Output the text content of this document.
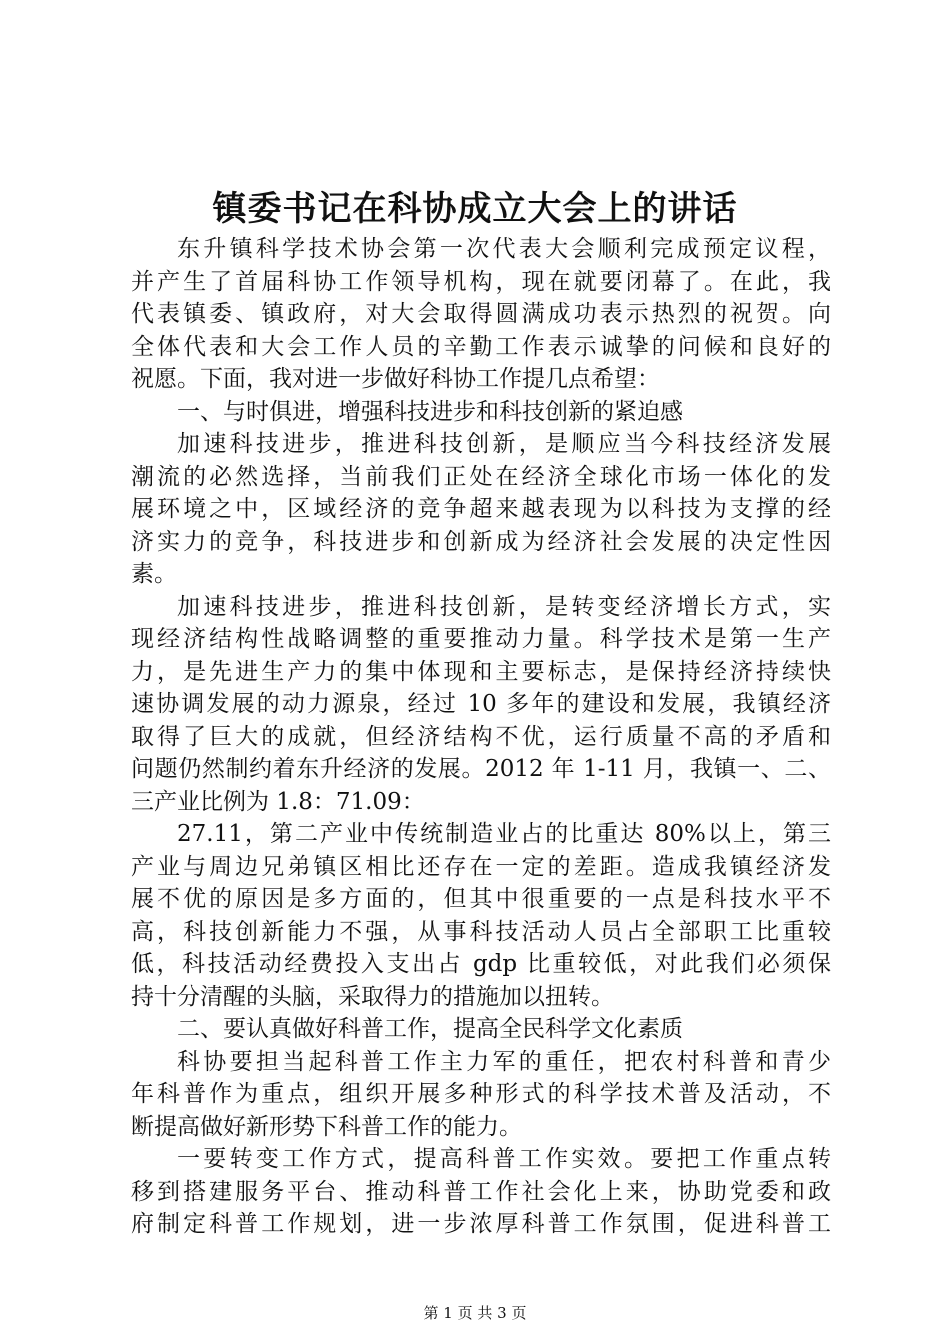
镇委书记在科协成立大会上的讲话
东升镇科学技术协会第一次代表大会顺利完成预定议程，
并产生了首届科协工作领导机构，现在就要闭幕了。在此，我
代表镇委、镇政府，对大会取得圆满成功表示热烈的祝贺。向
全体代表和大会工作人员的辛勤工作表示诚挚的问候和良好的
祝愿。下面，我对进一步做好科协工作提几点希望：
一、与时俱进，增强科技进步和科技创新的紧迫感
加速科技进步，推进科技创新，是顺应当今科技经济发展
潮流的必然选择，当前我们正处在经济全球化市场一体化的发
展环境之中，区域经济的竞争超来越表现为以科技为支撑的经
济实力的竞争，科技进步和创新成为经济社会发展的决定性因
素。
加速科技进步，推进科技创新，是转变经济增长方式，实
现经济结构性战略调整的重要推动力量。科学技术是第一生产
力，是先进生产力的集中体现和主要标志，是保持经济持续快
速协调发展的动力源泉，经过 10 多年的建设和发展，我镇经济
取得了巨大的成就，但经济结构不优，运行质量不高的矛盾和
问题仍然制约着东升经济的发展。2012 年 1-11 月，我镇一、二、
三产业比例为 1.8：71.09：
27.11，第二产业中传统制造业占的比重达 80%以上，第三
产业与周边兄弟镇区相比还存在一定的差距。造成我镇经济发
展不优的原因是多方面的，但其中很重要的一点是科技水平不
高，科技创新能力不强，从事科技活动人员占全部职工比重较
低，科技活动经费投入支出占 gdp 比重较低，对此我们必须保
持十分清醒的头脑，采取得力的措施加以扭转。
二、要认真做好科普工作，提高全民科学文化素质
科协要担当起科普工作主力军的重任，把农村科普和青少
年科普作为重点，组织开展多种形式的科学技术普及活动，不
断提高做好新形势下科普工作的能力。
一要转变工作方式，提高科普工作实效。要把工作重点转
移到搭建服务平台、推动科普工作社会化上来，协助党委和政
府制定科普工作规划，进一步浓厚科普工作氛围，促进科普工
第 1 页 共 3 页
